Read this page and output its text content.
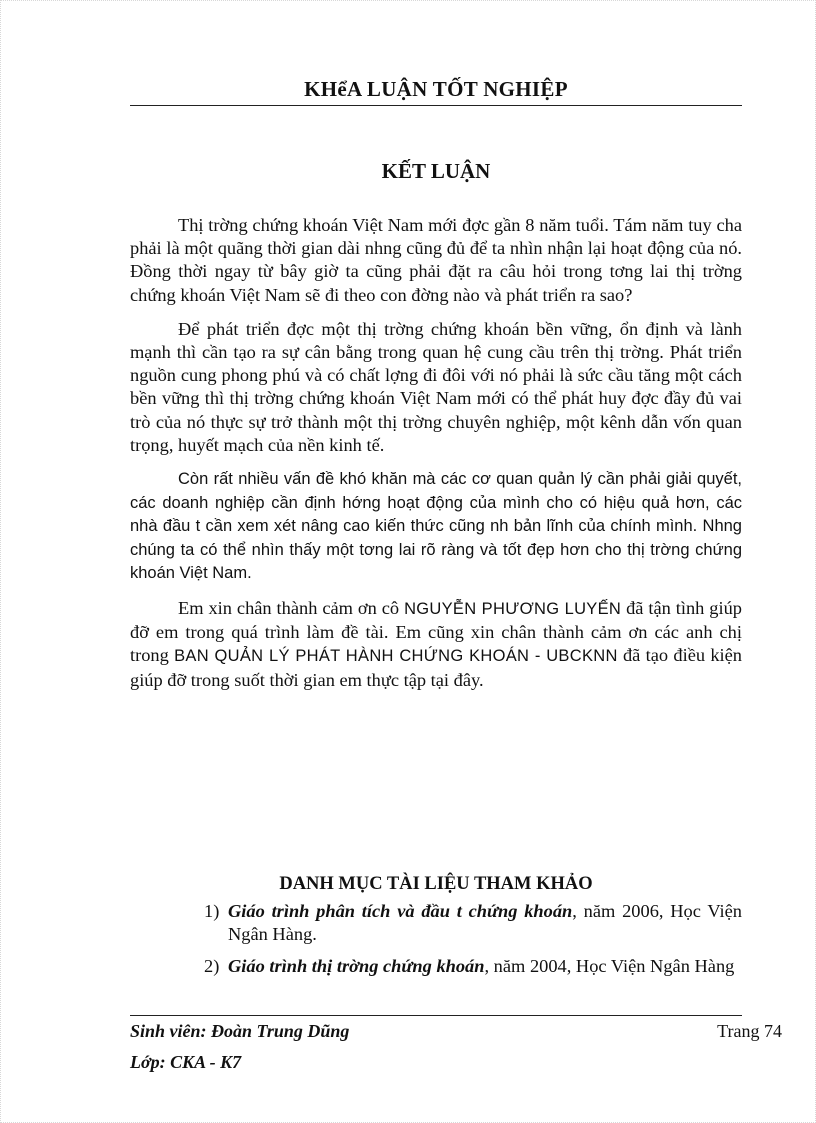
KHểA LUẬN TỐT NGHIỆP
KẾT LUẬN

Thị trờng chứng khoán Việt Nam mới đợc gần 8 năm tuổi. Tám năm tuy cha phải là một quãng thời gian dài nhng cũng đủ để ta nhìn nhận lại hoạt động của nó. Đồng thời ngay từ bây giờ ta cũng phải đặt ra câu hỏi trong tơng lai thị trờng chứng khoán Việt Nam sẽ đi theo con đờng nào và phát triển ra sao?

Để phát triển đợc một thị trờng chứng khoán bền vững, ổn định và lành mạnh thì cần tạo ra sự cân bằng trong quan hệ cung cầu trên thị trờng. Phát triển nguồn cung phong phú và có chất lợng đi đôi với nó phải là sức cầu tăng một cách bền vững thì thị trờng chứng khoán Việt Nam mới có thể phát huy đợc đầy đủ vai trò của nó thực sự trở thành một thị trờng chuyên nghiệp, một kênh dẫn vốn quan trọng, huyết mạch của nền kinh tế.

Còn rất nhiều vấn đề khó khăn mà các cơ quan quản lý cần phải giải quyết, các doanh nghiệp cần định hớng hoạt động của mình cho có hiệu quả hơn, các nhà đầu t cần xem xét nâng cao kiến thức cũng nh bản lĩnh của chính mình. Nhng chúng ta có thể nhìn thấy một tơng lai rõ ràng và tốt đẹp hơn cho thị trờng chứng khoán Việt Nam.

Em xin chân thành cảm ơn cô NGUYỄN PHƯƠNG LUYẾN đã tận tình giúp đỡ em trong quá trình làm đề tài. Em cũng xin chân thành cảm ơn các anh chị trong BAN QUẢN LÝ PHÁT HÀNH CHỨNG KHOÁN - UBCKNN đã tạo điều kiện giúp đỡ trong suốt thời gian em thực tập tại đây.

DANH MỤC TÀI LIỆU THAM KHẢO
1) Giáo trình phân tích và đầu t chứng khoán, năm 2006, Học Viện Ngân Hàng.
2) Giáo trình thị trờng chứng khoán, năm 2004, Học Viện Ngân Hàng
Sinh viên: Đoàn Trung Dũng	Trang 74
Lớp: CKA - K7
